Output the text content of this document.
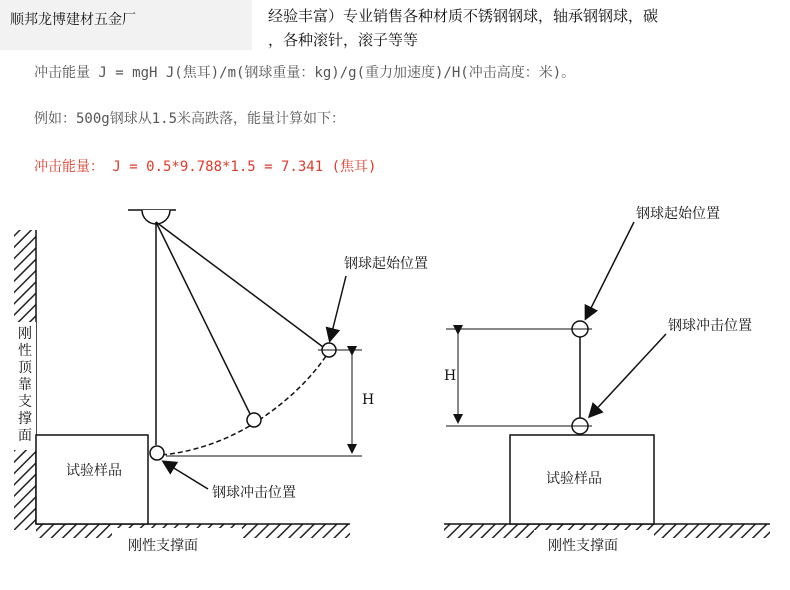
顺邦龙博建材五金厂	经验丰富）专业销售各种材质不锈钢钢球，轴承钢钢球，碳
，各种滚针，滚子等等
冲击能量 J = mgH J(焦耳)/m(钢球重量：kg)/g(重力加速度)/H(冲击高度：米)。
例如：500g钢球从1.5米高跌落，能量计算如下：
冲击能量： J = 0.5*9.788*1.5 = 7.341 (焦耳)
刚性顶靠支撑面
刚性支撑面
试验样品
H
钢球起始位置
钢球冲击位置
刚性支撑面
试验样品
H
钢球起始位置
钢球冲击位置
